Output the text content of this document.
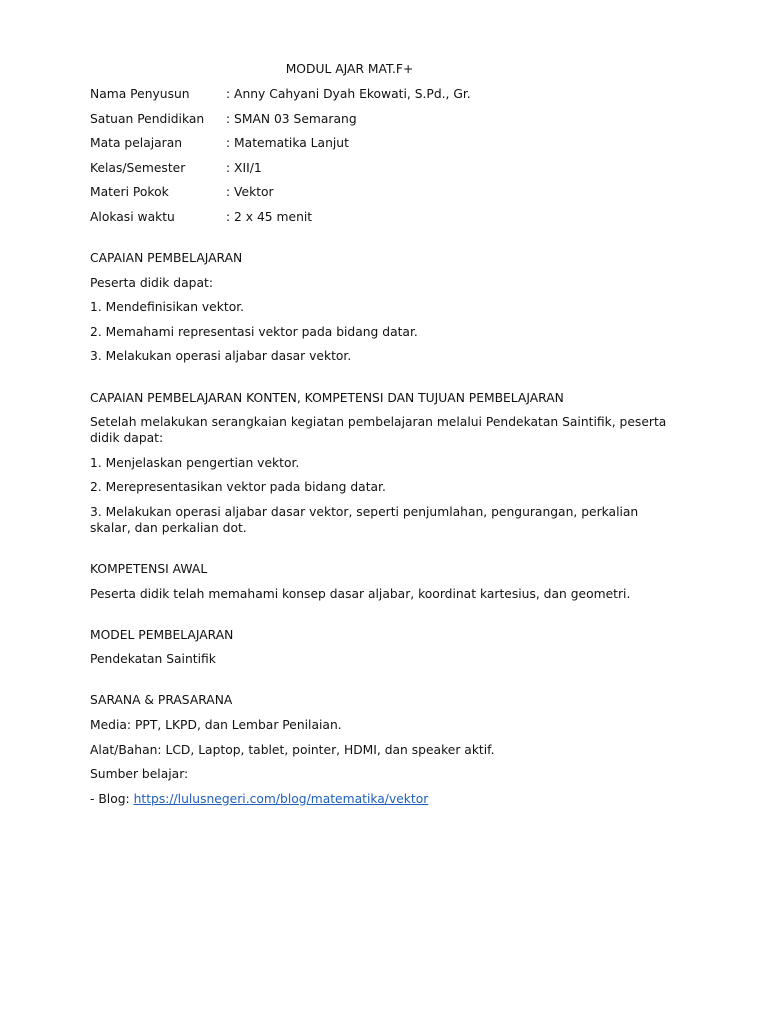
MODUL AJAR MAT.F+
Nama Penyusun	: Anny Cahyani Dyah Ekowati, S.Pd., Gr.
Satuan Pendidikan	: SMAN 03 Semarang
Mata pelajaran	: Matematika Lanjut
Kelas/Semester	: XII/1
Materi Pokok	: Vektor
Alokasi waktu	: 2 x 45 menit
CAPAIAN PEMBELAJARAN
Peserta didik dapat:
1. Mendefinisikan vektor.
2. Memahami representasi vektor pada bidang datar.
3. Melakukan operasi aljabar dasar vektor.
CAPAIAN PEMBELAJARAN KONTEN, KOMPETENSI DAN TUJUAN PEMBELAJARAN
Setelah melakukan serangkaian kegiatan pembelajaran melalui Pendekatan Saintifik, peserta didik dapat:
1. Menjelaskan pengertian vektor.
2. Merepresentasikan vektor pada bidang datar.
3. Melakukan operasi aljabar dasar vektor, seperti penjumlahan, pengurangan, perkalian skalar, dan perkalian dot.
KOMPETENSI AWAL
Peserta didik telah memahami konsep dasar aljabar, koordinat kartesius, dan geometri.
MODEL PEMBELAJARAN
Pendekatan Saintifik
SARANA & PRASARANA
Media: PPT, LKPD, dan Lembar Penilaian.
Alat/Bahan: LCD, Laptop, tablet, pointer, HDMI, dan speaker aktif.
Sumber belajar:
- Blog: https://lulusnegeri.com/blog/matematika/vektor
